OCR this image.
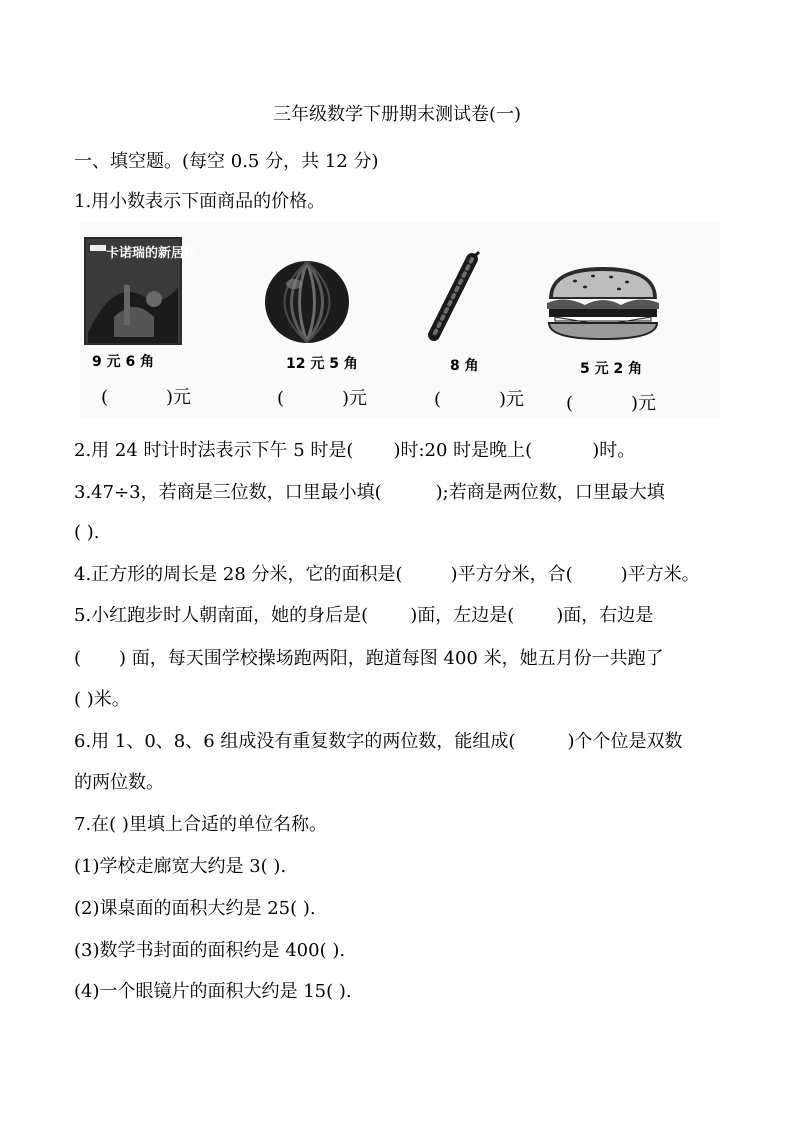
三年级数学下册期末测试卷(一)
一、填空题。(每空 0.5 分，共 12 分)
1.用小数表示下面商品的价格。
卡诺瑞的新居民
9 元 6 角	12 元 5 角	8 角	5 元 2 角
(	)元	(	)元	(	)元 (	)元
2.用 24 时计时法表示下午 5 时是( )时:20 时是晚上(	)时。
3.47÷3，若商是三位数，口里最小填(	);若商是两位数，口里最大填
( ).
4.正方形的周长是 28 分米，它的面积是(	)平方分米，合(	)平方米。
5.小红跑步时人朝南面，她的身后是( )面，左边是( )面，右边是
( ) 面，每天围学校操场跑两阳，跑道每图 400 米，她五月份一共跑了
( )米。
6.用 1、0、8、6 组成没有重复数字的两位数，能组成(	)个个位是双数
的两位数。
7.在( )里填上合适的单位名称。
(1)学校走廊宽大约是 3( ).
(2)课桌面的面积大约是 25( ).
(3)数学书封面的面积约是 400( ).
(4)一个眼镜片的面积大约是 15( ).
